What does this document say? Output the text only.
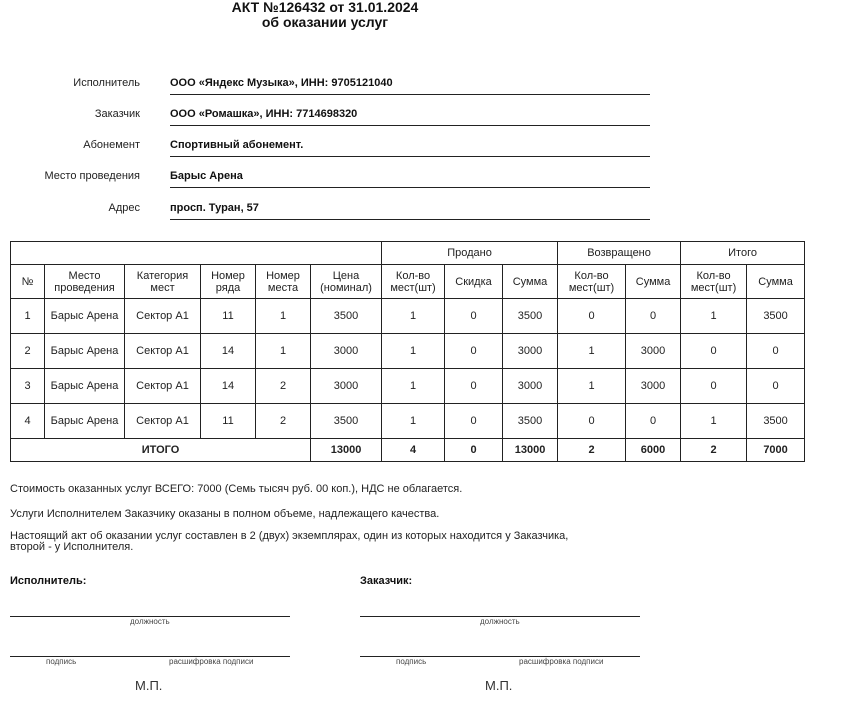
АКТ №126432 от 31.01.2024
об оказании услуг
Исполнитель	ООО «Яндекс Музыка», ИНН: 9705121040
Заказчик	ООО «Ромашка», ИНН: 7714698320
Абонемент	Спортивный абонемент.
Место проведения	Барыс Арена
Адрес	просп. Туран, 57
						Продано			Возвращено		Итого	
№	Место проведения	Категория мест	Номер ряда	Номер места	Цена (номинал)	Кол-во мест(шт)	Скидка	Сумма	Кол-во мест(шт)	Сумма	Кол-во мест(шт)	Сумма
1	Барыс Арена	Сектор А1	11	1	3500	1	0	3500	0	0	1	3500
2	Барыс Арена	Сектор А1	14	1	3000	1	0	3000	1	3000	0	0
3	Барыс Арена	Сектор А1	14	2	3000	1	0	3000	1	3000	0	0
4	Барыс Арена	Сектор А1	11	2	3500	1	0	3500	0	0	1	3500
ИТОГО					13000	4	0	13000	2	6000	2	7000
Стоимость оказанных услуг ВСЕГО: 7000 (Семь тысяч руб. 00 коп.), НДС не облагается.
Услуги Исполнителем Заказчику оказаны в полном объеме, надлежащего качества.
Настоящий акт об оказании услуг составлен в 2 (двух) экземплярах, один из которых находится у Заказчика,
второй - у Исполнителя.
Исполнитель:
должность
подпись	расшифровка подписи
М.П.
Заказчик:
должность
подпись	расшифровка подписи
М.П.
